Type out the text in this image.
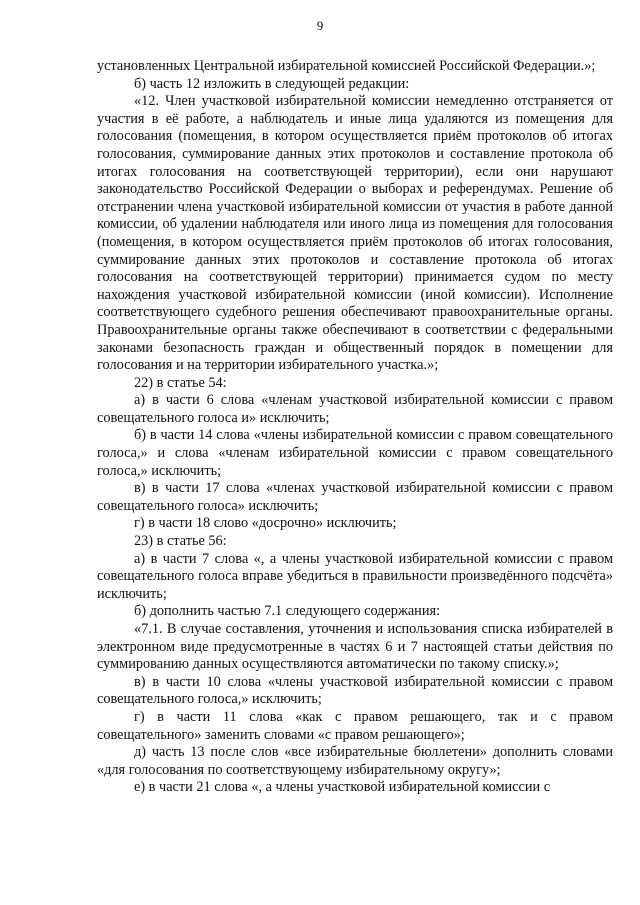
9

установленных Центральной избирательной комиссией Российской Федерации.»;

б) часть 12 изложить в следующей редакции:

«12. Член участковой избирательной комиссии немедленно отстраняется от участия в её работе, а наблюдатель и иные лица удаляются из помещения для голосования (помещения, в котором осуществляется приём протоколов об итогах голосования, суммирование данных этих протоколов и составление протокола об итогах голосования на соответствующей территории), если они нарушают законодательство Российской Федерации о выборах и референдумах. Решение об отстранении члена участковой избирательной комиссии от участия в работе данной комиссии, об удалении наблюдателя или иного лица из помещения для голосования (помещения, в котором осуществляется приём протоколов об итогах голосования, суммирование данных этих протоколов и составление протокола об итогах голосования на соответствующей территории) принимается судом по месту нахождения участковой избирательной комиссии (иной комиссии). Исполнение соответствующего судебного решения обеспечивают правоохранительные органы. Правоохранительные органы также обеспечивают в соответствии с федеральными законами безопасность граждан и общественный порядок в помещении для голосования и на территории избирательного участка.»;

22) в статье 54:

а) в части 6 слова «членам участковой избирательной комиссии с правом совещательного голоса и» исключить;

б) в части 14 слова «члены избирательной комиссии с правом совещательного голоса,» и слова «членам избирательной комиссии с правом совещательного голоса,» исключить;

в) в части 17 слова «членах участковой избирательной комиссии с правом совещательного голоса» исключить;

г) в части 18 слово «досрочно» исключить;

23) в статье 56:

а) в части 7 слова «, а члены участковой избирательной комиссии с правом совещательного голоса вправе убедиться в правильности произведённого подсчёта» исключить;

б) дополнить частью 7.1 следующего содержания:

«7.1. В случае составления, уточнения и использования списка избирателей в электронном виде предусмотренные в частях 6 и 7 настоящей статьи действия по суммированию данных осуществляются автоматически по такому списку.»;

в) в части 10 слова «члены участковой избирательной комиссии с правом совещательного голоса,» исключить;

г) в части 11 слова «как с правом решающего, так и с правом совещательного» заменить словами «с правом решающего»;

д) часть 13 после слов «все избирательные бюллетени» дополнить словами «для голосования по соответствующему избирательному округу»;

е) в части 21 слова «, а члены участковой избирательной комиссии с
